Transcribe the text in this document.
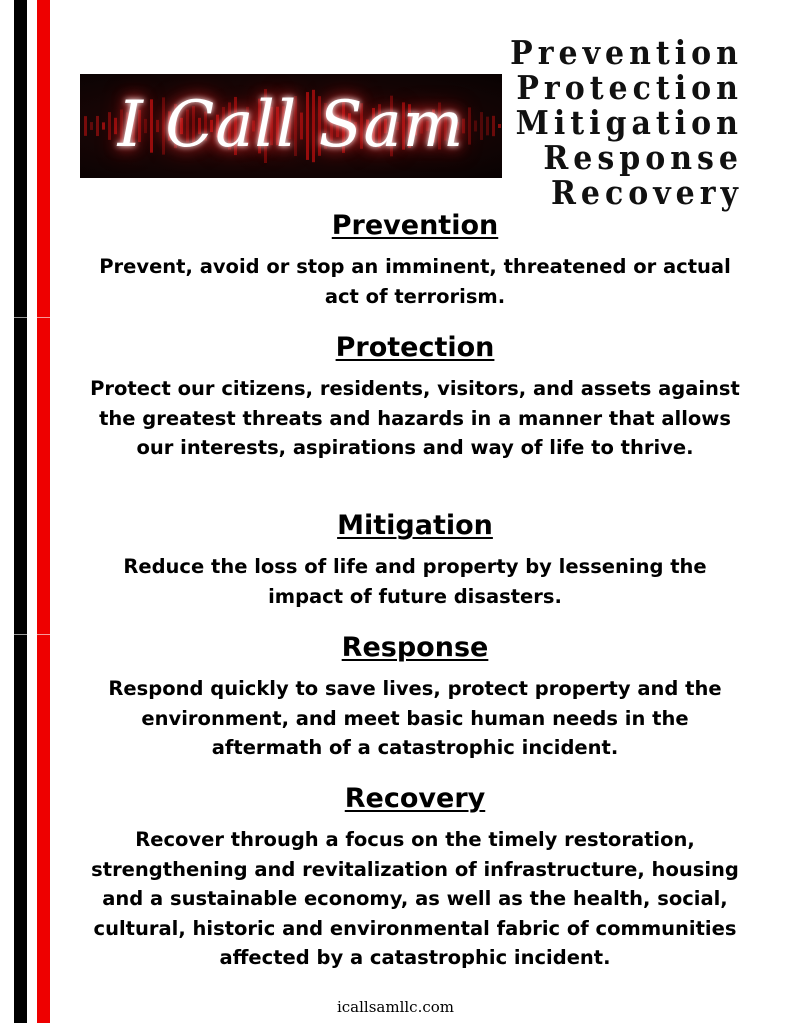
I Call Sam
Prevention
Protection
Mitigation
Response
Recovery
Prevention
Prevent, avoid or stop an imminent, threatened or actual act of terrorism.
Protection
Protect our citizens, residents, visitors, and assets against the greatest threats and hazards in a manner that allows our interests, aspirations and way of life to thrive.
Mitigation
Reduce the loss of life and property by lessening the impact of future disasters.
Response
Respond quickly to save lives, protect property and the environment, and meet basic human needs in the aftermath of a catastrophic incident.
Recovery
Recover through a focus on the timely restoration, strengthening and revitalization of infrastructure, housing and a sustainable economy, as well as the health, social, cultural, historic and environmental fabric of communities affected by a catastrophic incident.
icallsamllc.com
